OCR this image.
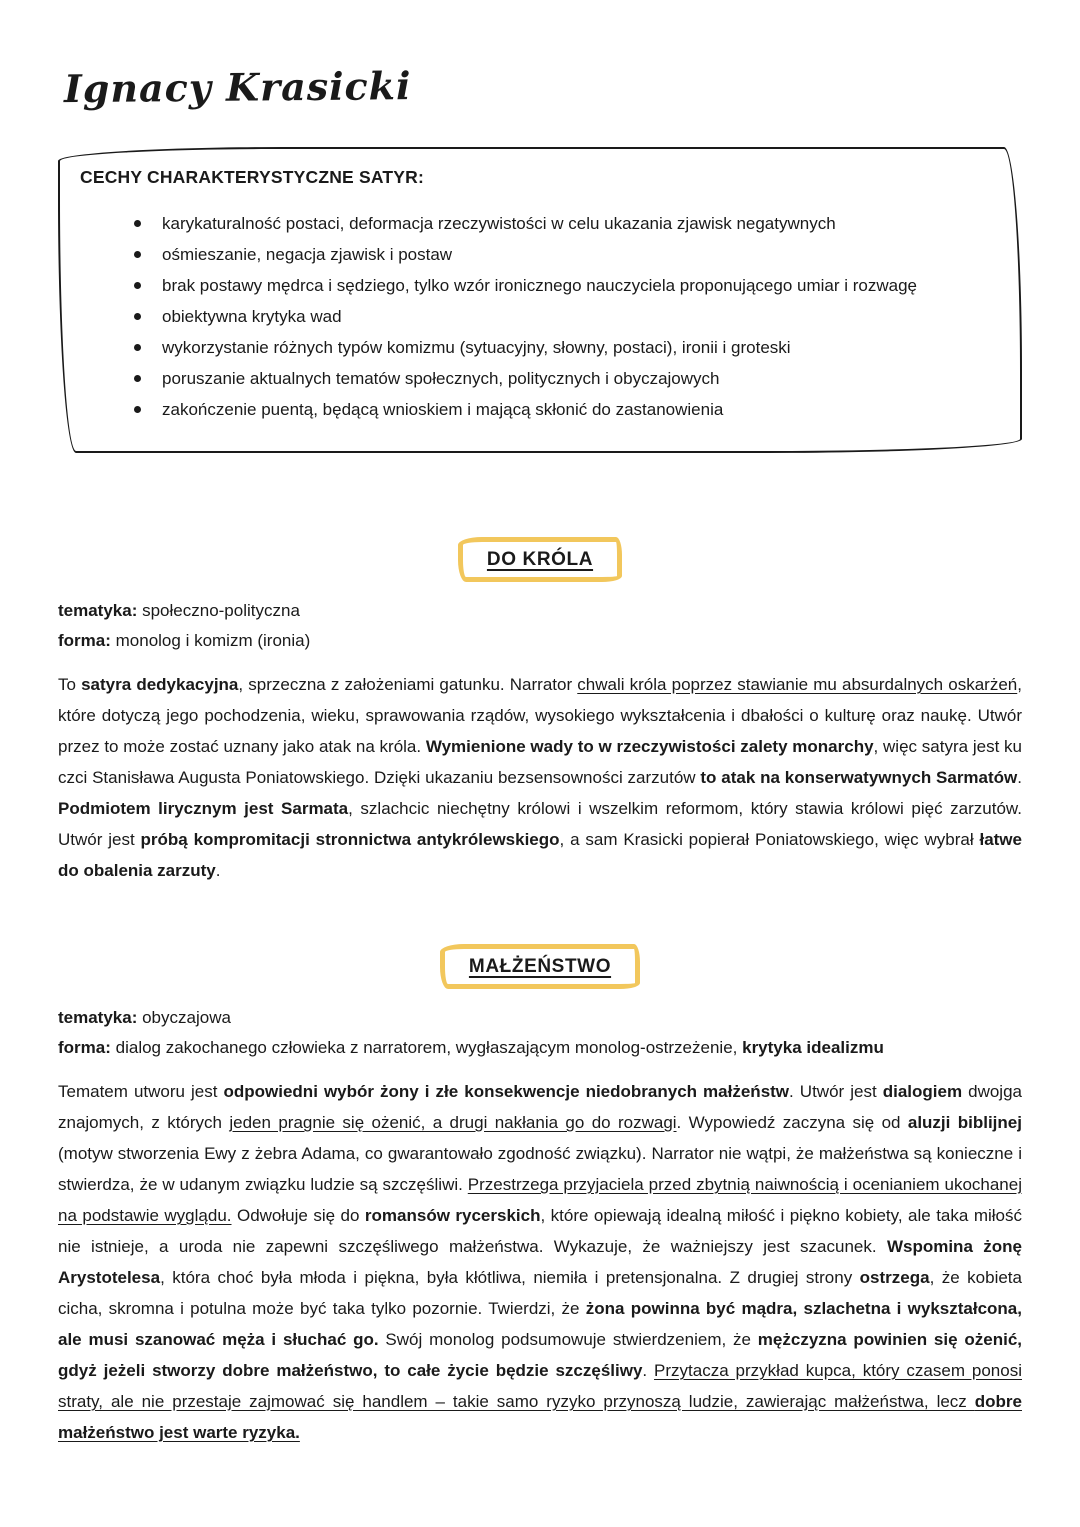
Ignacy Krasicki
CECHY CHARAKTERYSTYCZNE SATYR:
karykaturalność postaci, deformacja rzeczywistości w celu ukazania zjawisk negatywnych
ośmieszanie, negacja zjawisk i postaw
brak postawy mędrca i sędziego, tylko wzór ironicznego nauczyciela proponującego umiar i rozwagę
obiektywna krytyka wad
wykorzystanie różnych typów komizmu (sytuacyjny, słowny, postaci), ironii i groteski
poruszanie aktualnych tematów społecznych, politycznych i obyczajowych
zakończenie puentą, będącą wnioskiem i mającą skłonić do zastanowienia
DO KRÓLA

tematyka: społeczno-polityczna

forma: monolog i komizm (ironia)

To satyra dedykacyjna, sprzeczna z założeniami gatunku. Narrator chwali króla poprzez stawianie mu absurdalnych oskarżeń, które dotyczą jego pochodzenia, wieku, sprawowania rządów, wysokiego wykształcenia i dbałości o kulturę oraz naukę. Utwór przez to może zostać uznany jako atak na króla. Wymienione wady to w rzeczywistości zalety monarchy, więc satyra jest ku czci Stanisława Augusta Poniatowskiego. Dzięki ukazaniu bezsensowności zarzutów to atak na konserwatywnych Sarmatów. Podmiotem lirycznym jest Sarmata, szlachcic niechętny królowi i wszelkim reformom, który stawia królowi pięć zarzutów. Utwór jest próbą kompromitacji stronnictwa antykrólewskiego, a sam Krasicki popierał Poniatowskiego, więc wybrał łatwe do obalenia zarzuty.

MAŁŻEŃSTWO

tematyka: obyczajowa

forma: dialog zakochanego człowieka z narratorem, wygłaszającym monolog-ostrzeżenie, krytyka idealizmu

Tematem utworu jest odpowiedni wybór żony i złe konsekwencje niedobranych małżeństw. Utwór jest dialogiem dwojga znajomych, z których jeden pragnie się ożenić, a drugi nakłania go do rozwagi. Wypowiedź zaczyna się od aluzji biblijnej (motyw stworzenia Ewy z żebra Adama, co gwarantowało zgodność związku). Narrator nie wątpi, że małżeństwa są konieczne i stwierdza, że w udanym związku ludzie są szczęśliwi. Przestrzega przyjaciela przed zbytnią naiwnością i ocenianiem ukochanej na podstawie wyglądu. Odwołuje się do romansów rycerskich, które opiewają idealną miłość i piękno kobiety, ale taka miłość nie istnieje, a uroda nie zapewni szczęśliwego małżeństwa. Wykazuje, że ważniejszy jest szacunek. Wspomina żonę Arystotelesa, która choć była młoda i piękna, była kłótliwa, niemiła i pretensjonalna. Z drugiej strony ostrzega, że kobieta cicha, skromna i potulna może być taka tylko pozornie. Twierdzi, że żona powinna być mądra, szlachetna i wykształcona, ale musi szanować męża i słuchać go. Swój monolog podsumowuje stwierdzeniem, że mężczyzna powinien się ożenić, gdyż jeżeli stworzy dobre małżeństwo, to całe życie będzie szczęśliwy. Przytacza przykład kupca, który czasem ponosi straty, ale nie przestaje zajmować się handlem – takie samo ryzyko przynoszą ludzie, zawierając małżeństwa, lecz dobre małżeństwo jest warte ryzyka.
